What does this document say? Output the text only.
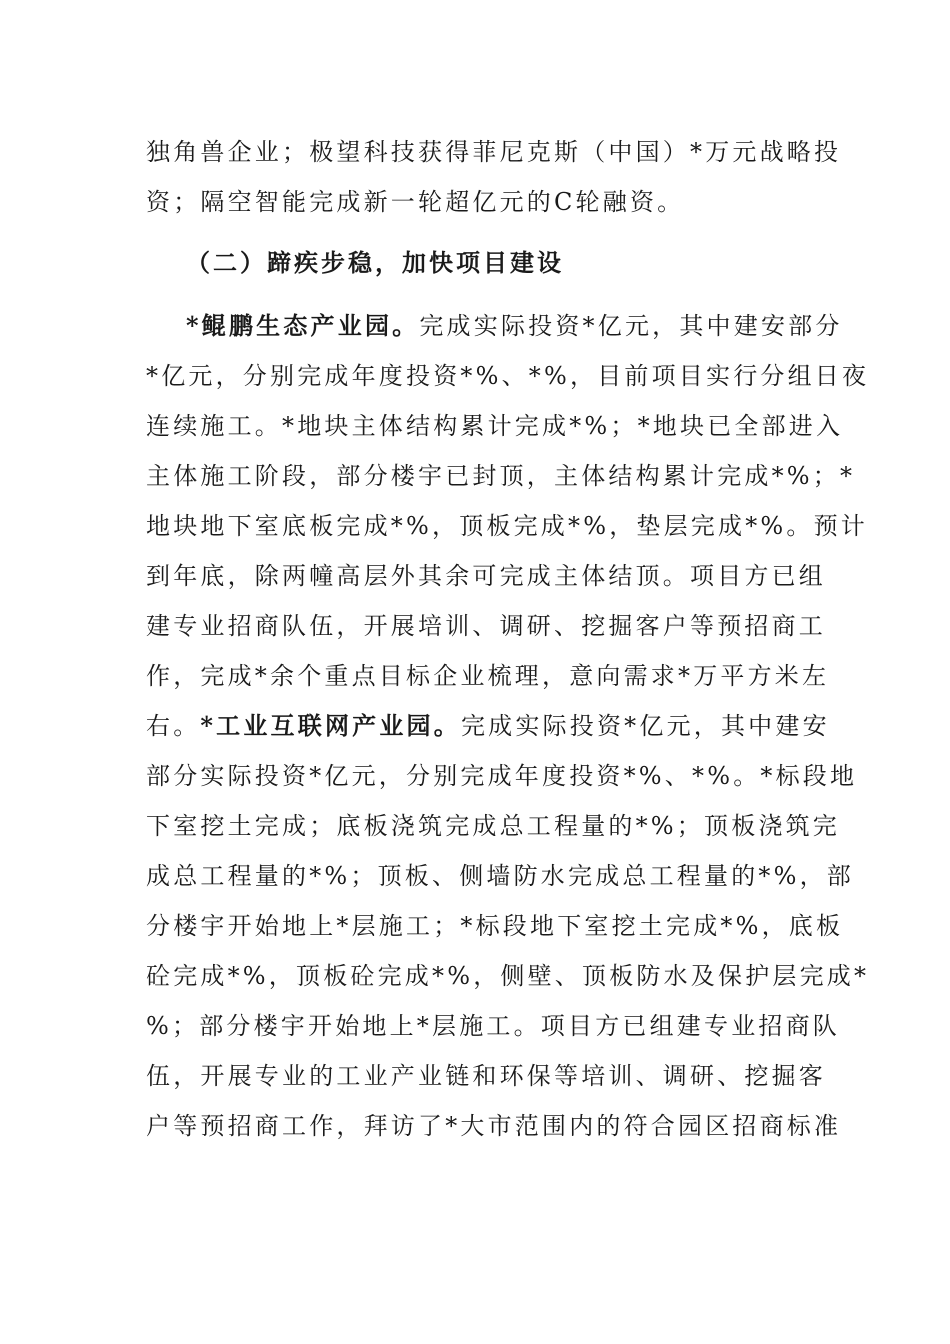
独角兽企业；极望科技获得菲尼克斯（中国）*万元战略投
资；隔空智能完成新一轮超亿元的C轮融资。
（二）蹄疾步稳，加快项目建设
*鲲鹏生态产业园。完成实际投资*亿元，其中建安部分
*亿元，分别完成年度投资*%、*%，目前项目实行分组日夜
连续施工。*地块主体结构累计完成*%；*地块已全部进入
主体施工阶段，部分楼宇已封顶，主体结构累计完成*%；*
地块地下室底板完成*%，顶板完成*%，垫层完成*%。预计
到年底，除两幢高层外其余可完成主体结顶。项目方已组
建专业招商队伍，开展培训、调研、挖掘客户等预招商工
作，完成*余个重点目标企业梳理，意向需求*万平方米左
右。*工业互联网产业园。完成实际投资*亿元，其中建安
部分实际投资*亿元，分别完成年度投资*%、*%。*标段地
下室挖土完成；底板浇筑完成总工程量的*%；顶板浇筑完
成总工程量的*%；顶板、侧墙防水完成总工程量的*%，部
分楼宇开始地上*层施工；*标段地下室挖土完成*%，底板
砼完成*%，顶板砼完成*%，侧壁、顶板防水及保护层完成*
%；部分楼宇开始地上*层施工。项目方已组建专业招商队
伍，开展专业的工业产业链和环保等培训、调研、挖掘客
户等预招商工作，拜访了*大市范围内的符合园区招商标准
